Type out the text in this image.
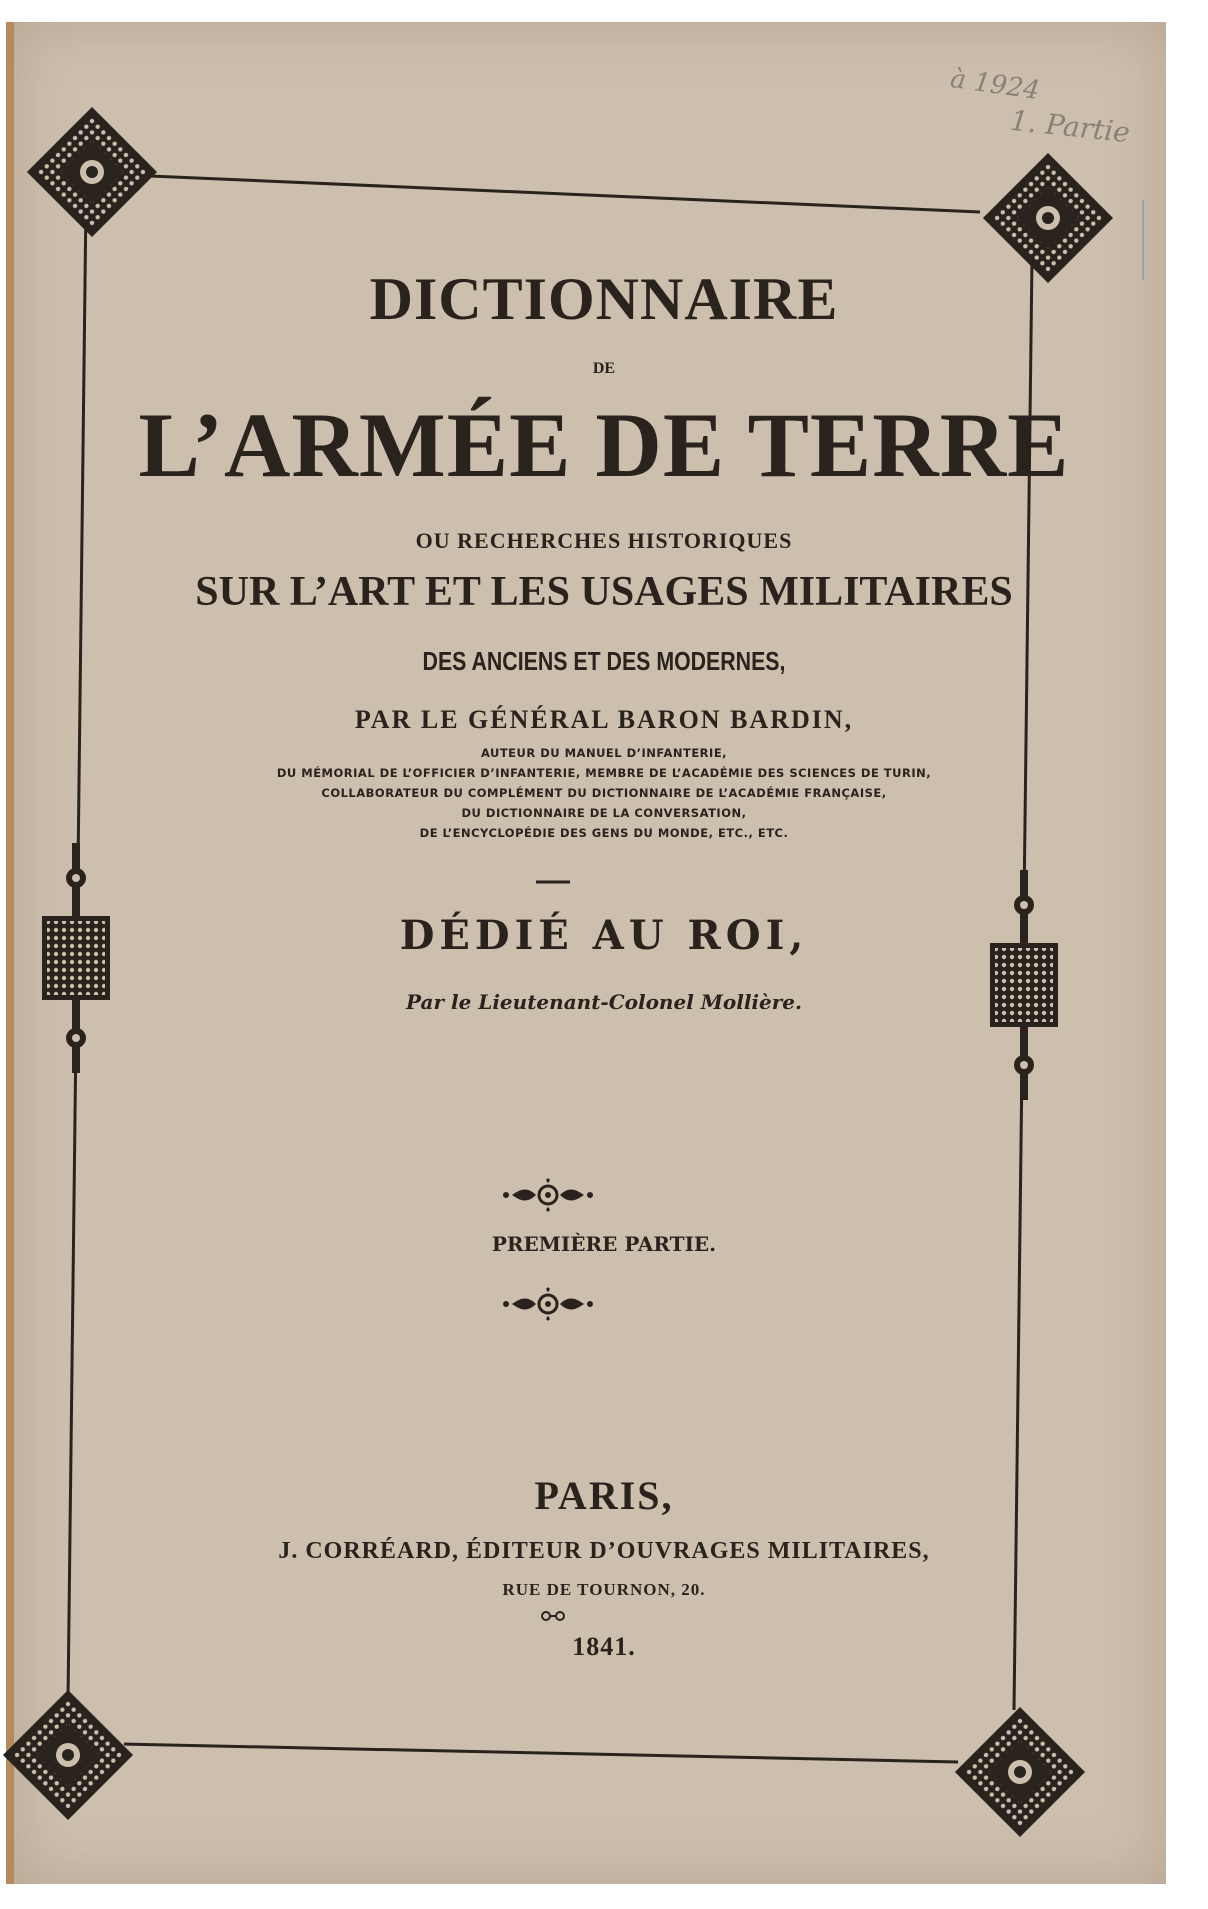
à 1924
1. Partie
DICTIONNAIRE
DE
L’ARMÉE DE TERRE
OU RECHERCHES HISTORIQUES
SUR L’ART ET LES USAGES MILITAIRES
DES ANCIENS ET DES MODERNES,
PAR LE GÉNÉRAL BARON BARDIN,
AUTEUR DU MANUEL D’INFANTERIE,
DU MÉMORIAL DE L’OFFICIER D’INFANTERIE, MEMBRE DE L’ACADÉMIE DES SCIENCES DE TURIN,
COLLABORATEUR DU COMPLÉMENT DU DICTIONNAIRE DE L’ACADÉMIE FRANÇAISE,
DU DICTIONNAIRE DE LA CONVERSATION,
DE L’ENCYCLOPÉDIE DES GENS DU MONDE, ETC., ETC.
DÉDIÉ AU ROI,
Par le Lieutenant-Colonel Mollière.
PREMIÈRE PARTIE.
PARIS,
J. CORRÉARD, ÉDITEUR D’OUVRAGES MILITAIRES,
RUE DE TOURNON, 20.
1841.
